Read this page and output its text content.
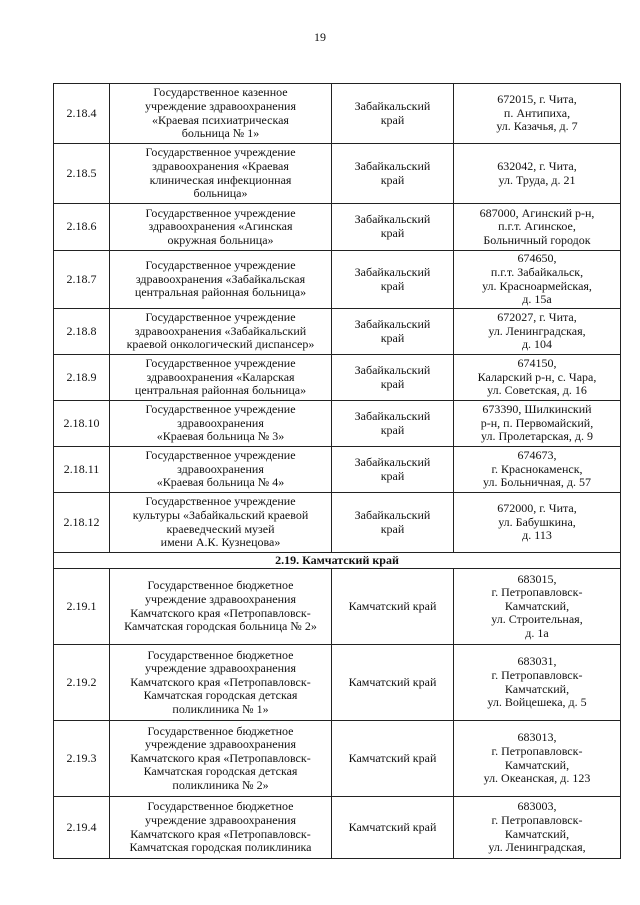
19
2.18.4	Государственное казенное
учреждение здравоохранения
«Краевая психиатрическая
больница № 1»	Забайкальский
край	672015, г. Чита,
п. Антипиха,
ул. Казачья, д. 7
2.18.5	Государственное учреждение
здравоохранения «Краевая
клиническая инфекционная
больница»	Забайкальский
край	632042, г. Чита,
ул. Труда, д. 21
2.18.6	Государственное учреждение
здравоохранения «Агинская
окружная больница»	Забайкальский
край	687000, Агинский р-н,
п.г.т. Агинское,
Больничный городок
2.18.7	Государственное учреждение
здравоохранения «Забайкальская
центральная районная больница»	Забайкальский
край	674650,
п.г.т. Забайкальск,
ул. Красноармейская,
д. 15а
2.18.8	Государственное учреждение
здравоохранения «Забайкальский
краевой онкологический диспансер»	Забайкальский
край	672027, г. Чита,
ул. Ленинградская,
д. 104
2.18.9	Государственное учреждение
здравоохранения «Каларская
центральная районная больница»	Забайкальский
край	674150,
Каларский р-н, с. Чара,
ул. Советская, д. 16
2.18.10	Государственное учреждение
здравоохранения
«Краевая больница № 3»	Забайкальский
край	673390, Шилкинский
р-н, п. Первомайский,
ул. Пролетарская, д. 9
2.18.11	Государственное учреждение
здравоохранения
«Краевая больница № 4»	Забайкальский
край	674673,
г. Краснокаменск,
ул. Больничная, д. 57
2.18.12	Государственное учреждение
культуры «Забайкальский краевой
краеведческий музей
имени А.К. Кузнецова»	Забайкальский
край	672000, г. Чита,
ул. Бабушкина,
д. 113
2.19. Камчатский край			
2.19.1	Государственное бюджетное
учреждение здравоохранения
Камчатского края «Петропавловск-
Камчатская городская больница № 2»	Камчатский край	683015,
г. Петропавловск-
Камчатский,
ул. Строительная,
д. 1а
2.19.2	Государственное бюджетное
учреждение здравоохранения
Камчатского края «Петропавловск-
Камчатская городская детская
поликлиника № 1»	Камчатский край	683031,
г. Петропавловск-
Камчатский,
ул. Войцешека, д. 5
2.19.3	Государственное бюджетное
учреждение здравоохранения
Камчатского края «Петропавловск-
Камчатская городская детская
поликлиника № 2»	Камчатский край	683013,
г. Петропавловск-
Камчатский,
ул. Океанская, д. 123
2.19.4	Государственное бюджетное
учреждение здравоохранения
Камчатского края «Петропавловск-
Камчатская городская поликлиника	Камчатский край	683003,
г. Петропавловск-
Камчатский,
ул. Ленинградская,
